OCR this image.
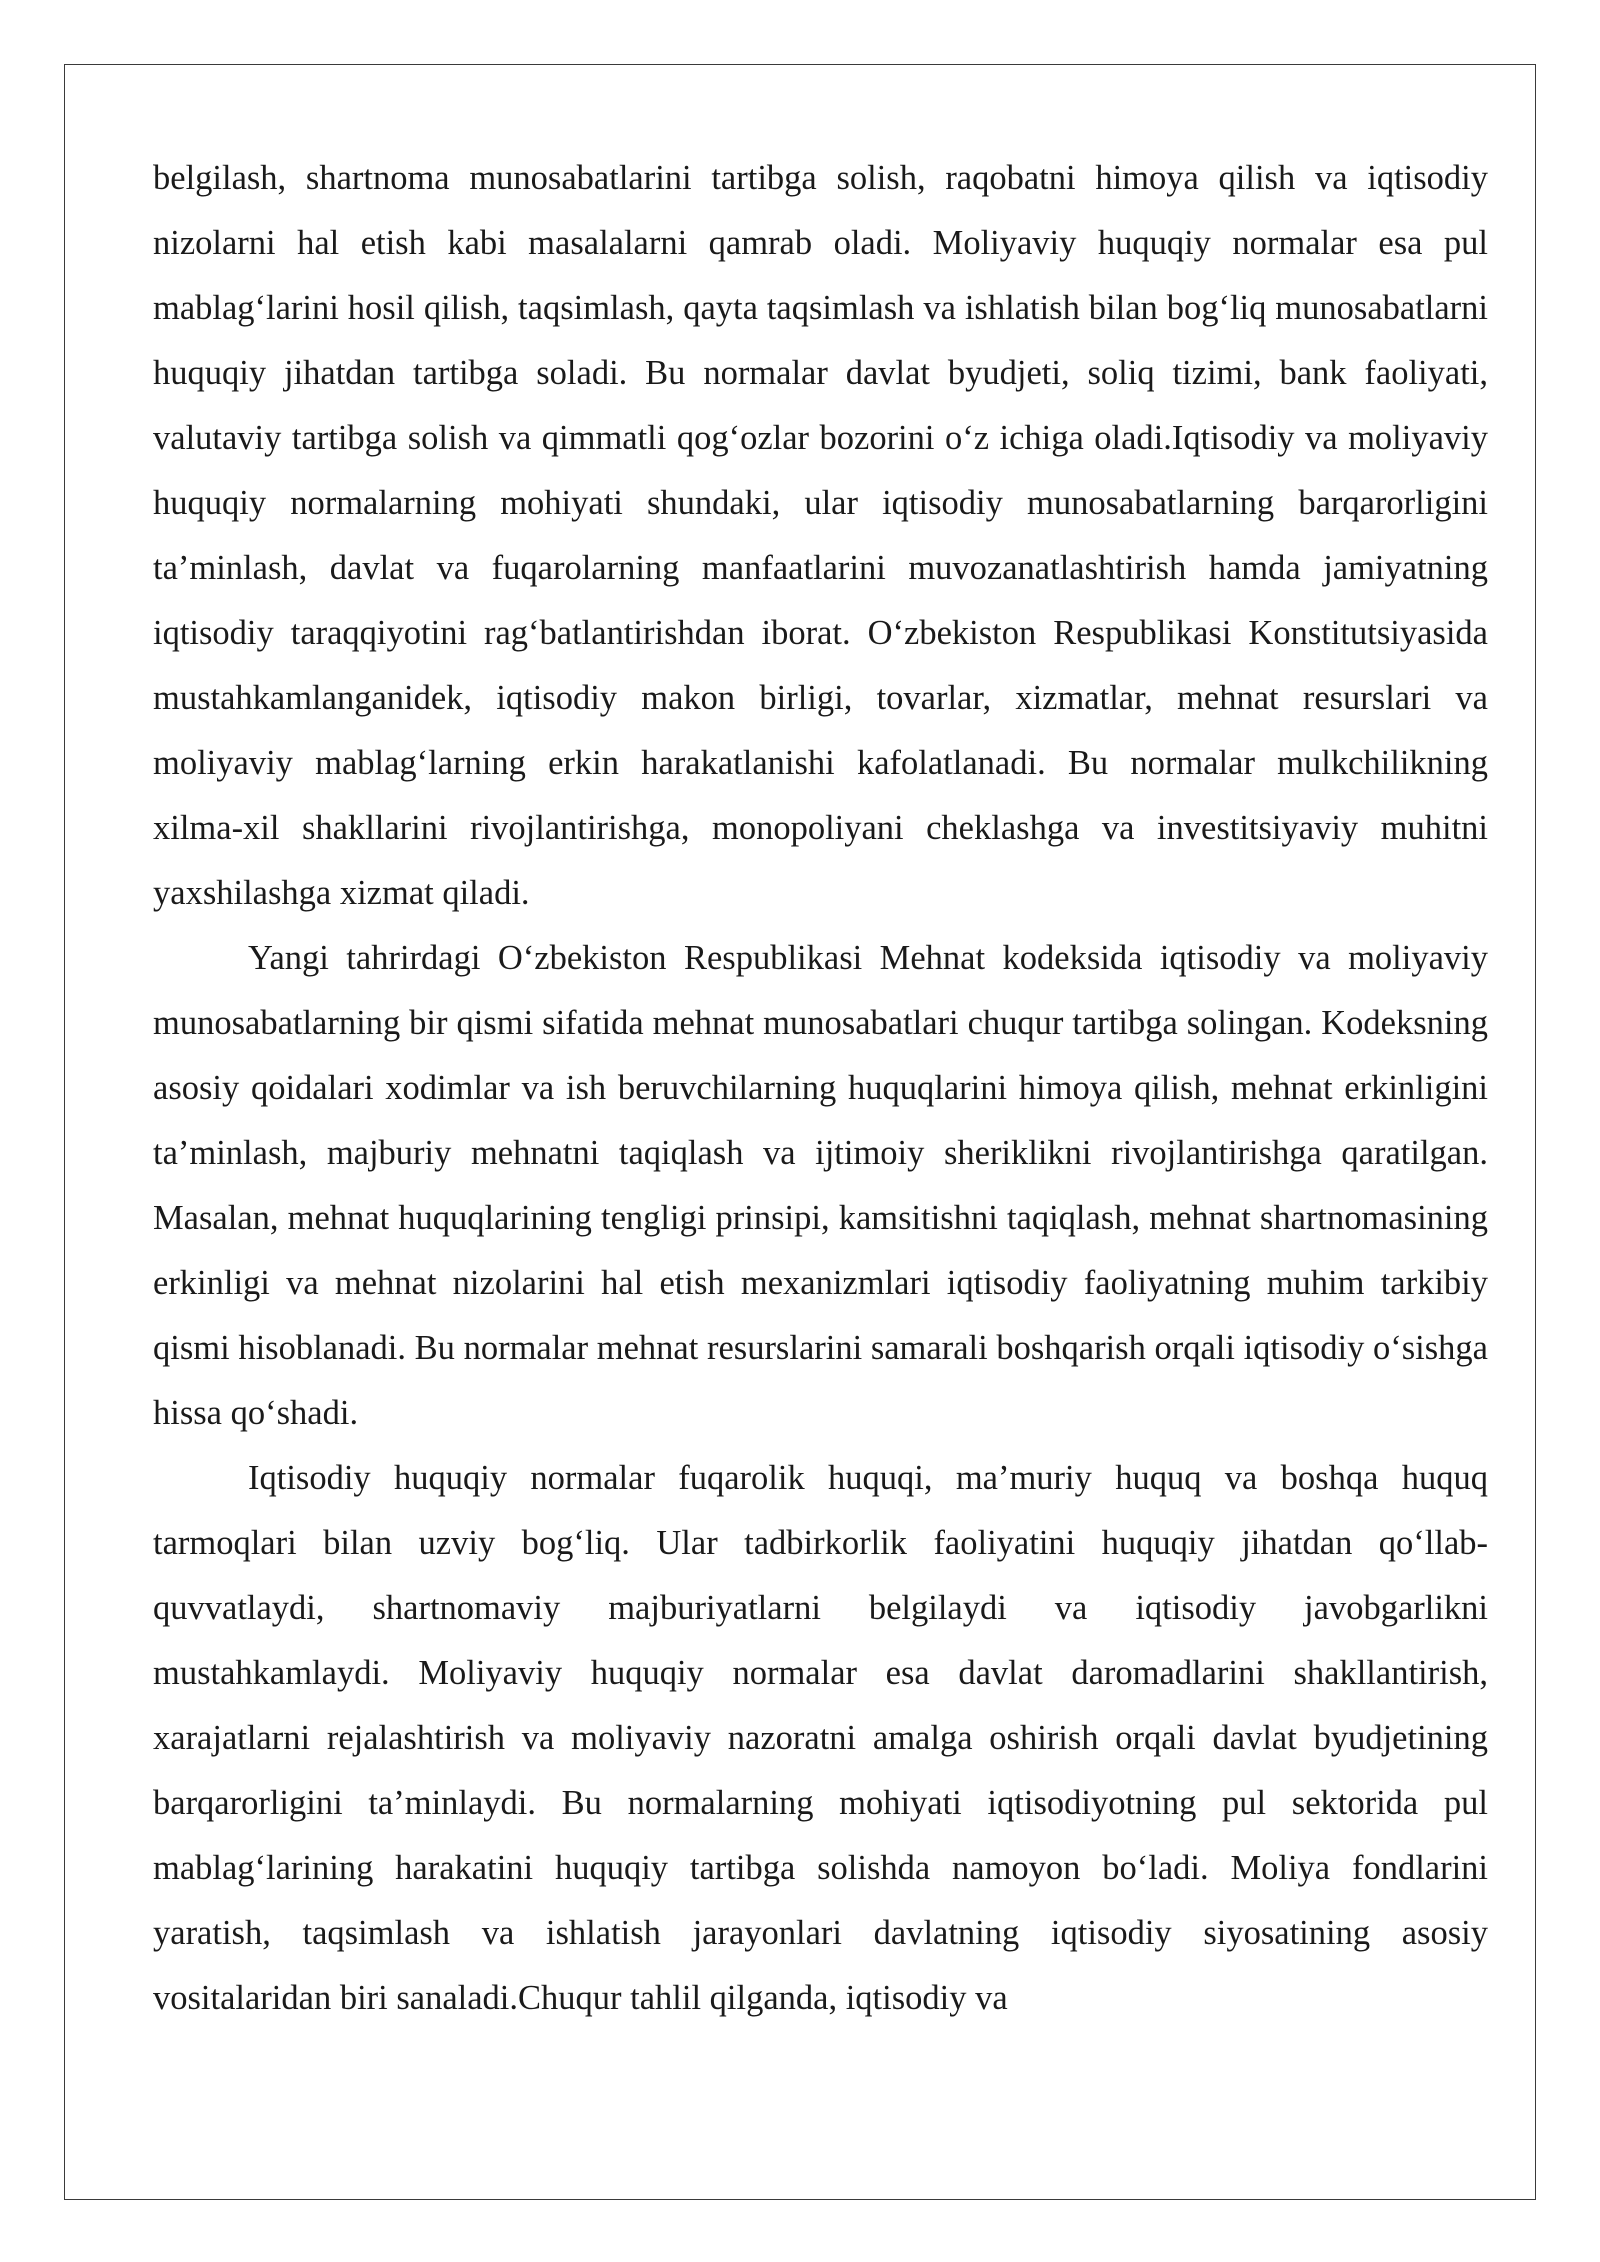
belgilash, shartnoma munosabatlarini tartibga solish, raqobatni himoya qilish va iqtisodiy nizolarni hal etish kabi masalalarni qamrab oladi. Moliyaviy huquqiy normalar esa pul mablag‘larini hosil qilish, taqsimlash, qayta taqsimlash va ishlatish bilan bog‘liq munosabatlarni huquqiy jihatdan tartibga soladi. Bu normalar davlat byudjeti, soliq tizimi, bank faoliyati, valutaviy tartibga solish va qimmatli qog‘ozlar bozorini o‘z ichiga oladi.Iqtisodiy va moliyaviy huquqiy normalarning mohiyati shundaki, ular iqtisodiy munosabatlarning barqarorligini ta’minlash, davlat va fuqarolarning manfaatlarini muvozanatlashtirish hamda jamiyatning iqtisodiy taraqqiyotini rag‘batlantirishdan iborat. O‘zbekiston Respublikasi Konstitutsiyasida mustahkamlanganidek, iqtisodiy makon birligi, tovarlar, xizmatlar, mehnat resurslari va moliyaviy mablag‘larning erkin harakatlanishi kafolatlanadi. Bu normalar mulkchilikning xilma-xil shakllarini rivojlantirishga, monopoliyani cheklashga va investitsiyaviy muhitni yaxshilashga xizmat qiladi.

Yangi tahrirdagi O‘zbekiston Respublikasi Mehnat kodeksida iqtisodiy va moliyaviy munosabatlarning bir qismi sifatida mehnat munosabatlari chuqur tartibga solingan. Kodeksning asosiy qoidalari xodimlar va ish beruvchilarning huquqlarini himoya qilish, mehnat erkinligini ta’minlash, majburiy mehnatni taqiqlash va ijtimoiy sheriklikni rivojlantirishga qaratilgan. Masalan, mehnat huquqlarining tengligi prinsipi, kamsitishni taqiqlash, mehnat shartnomasining erkinligi va mehnat nizolarini hal etish mexanizmlari iqtisodiy faoliyatning muhim tarkibiy qismi hisoblanadi. Bu normalar mehnat resurslarini samarali boshqarish orqali iqtisodiy o‘sishga hissa qo‘shadi.

Iqtisodiy huquqiy normalar fuqarolik huquqi, ma’muriy huquq va boshqa huquq tarmoqlari bilan uzviy bog‘liq. Ular tadbirkorlik faoliyatini huquqiy jihatdan qo‘llab-quvvatlaydi, shartnomaviy majburiyatlarni belgilaydi va iqtisodiy javobgarlikni mustahkamlaydi. Moliyaviy huquqiy normalar esa davlat daromadlarini shakllantirish, xarajatlarni rejalashtirish va moliyaviy nazoratni amalga oshirish orqali davlat byudjetining barqarorligini ta’minlaydi. Bu normalarning mohiyati iqtisodiyotning pul sektorida pul mablag‘larining harakatini huquqiy tartibga solishda namoyon bo‘ladi. Moliya fondlarini yaratish, taqsimlash va ishlatish jarayonlari davlatning iqtisodiy siyosatining asosiy vositalaridan biri sanaladi.Chuqur tahlil qilganda, iqtisodiy va
